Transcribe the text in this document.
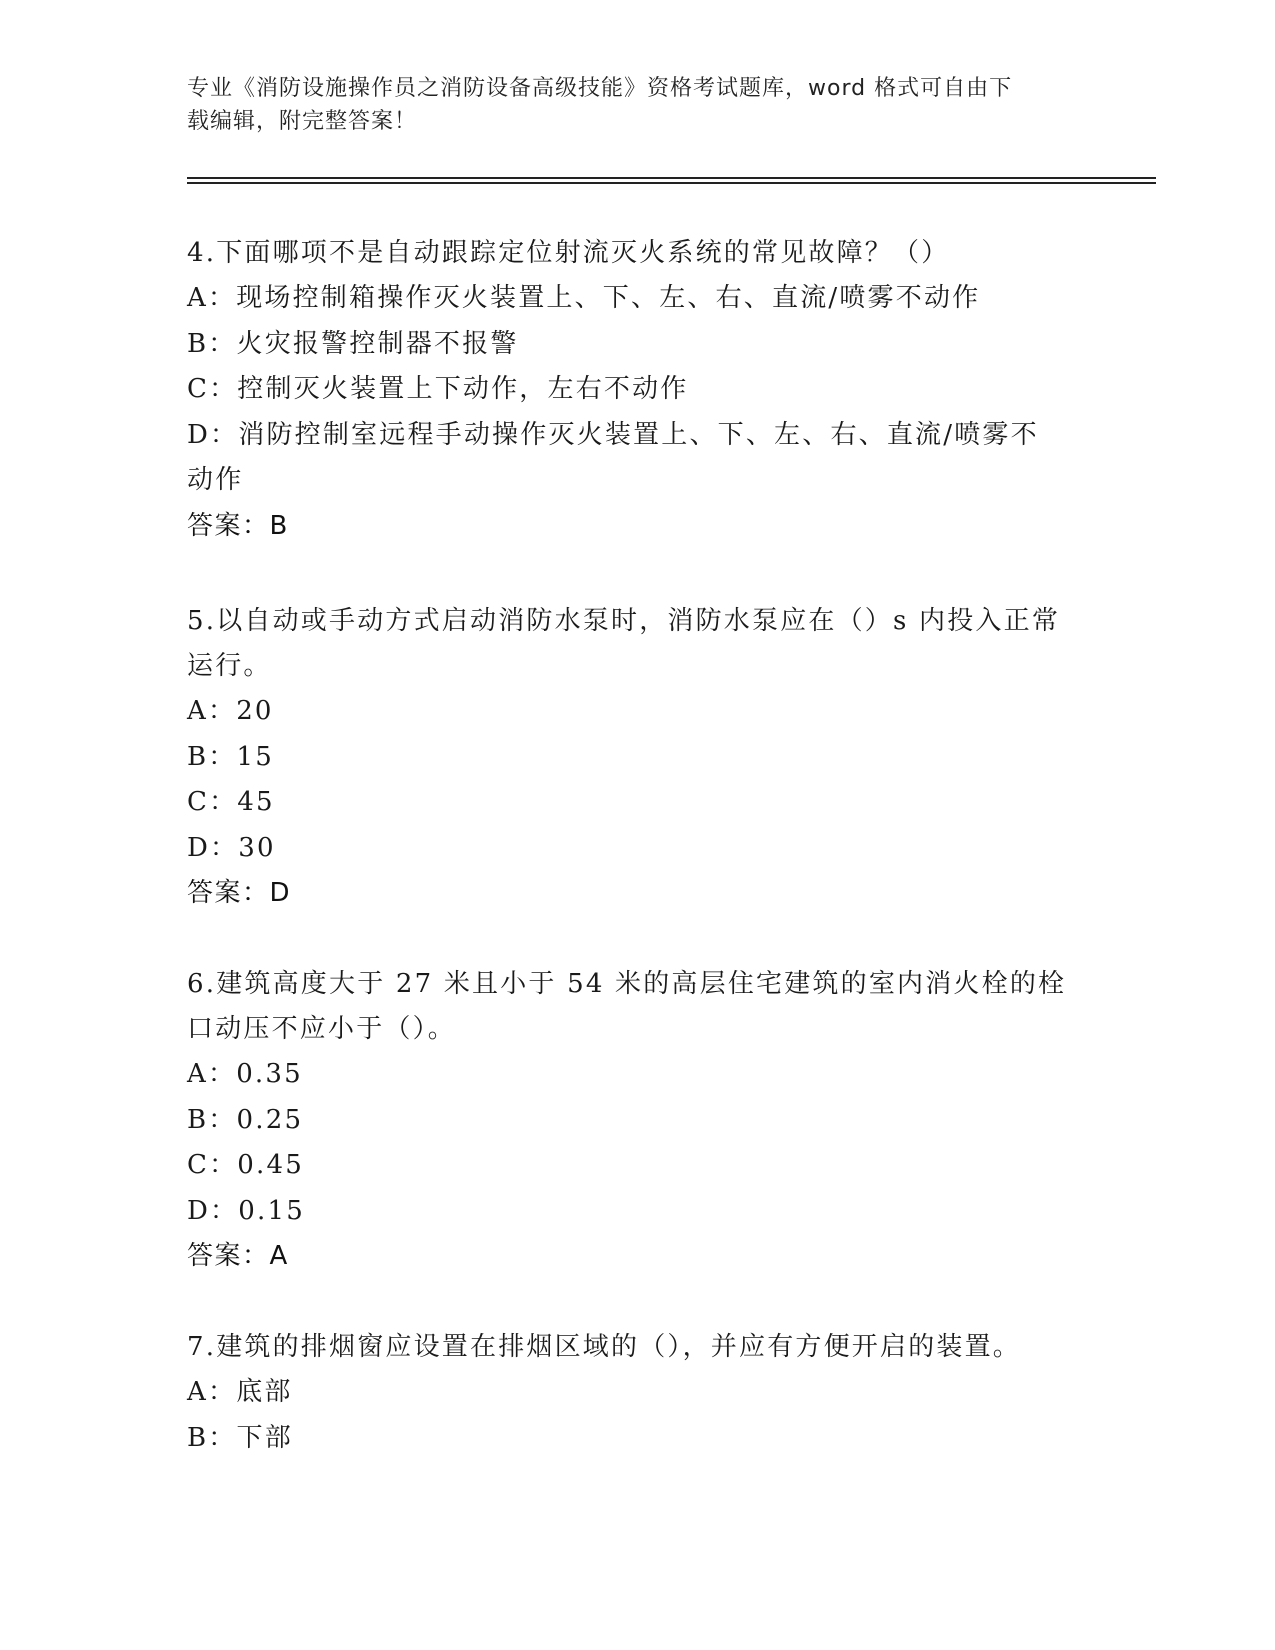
专业《消防设施操作员之消防设备高级技能》资格考试题库，word 格式可自由下
载编辑，附完整答案！

4.下面哪项不是自动跟踪定位射流灭火系统的常见故障？（）

A：现场控制箱操作灭火装置上、下、左、右、直流/喷雾不动作

B：火灾报警控制器不报警

C：控制灭火装置上下动作，左右不动作

D：消防控制室远程手动操作灭火装置上、下、左、右、直流/喷雾不

动作

答案：B

5.以自动或手动方式启动消防水泵时，消防水泵应在（）s 内投入正常

运行。

A：20

B：15

C：45

D：30

答案：D

6.建筑高度大于 27 米且小于 54 米的高层住宅建筑的室内消火栓的栓

口动压不应小于（）。

A：0.35

B：0.25

C：0.45

D：0.15

答案：A

7.建筑的排烟窗应设置在排烟区域的（），并应有方便开启的装置。

A：底部

B：下部
